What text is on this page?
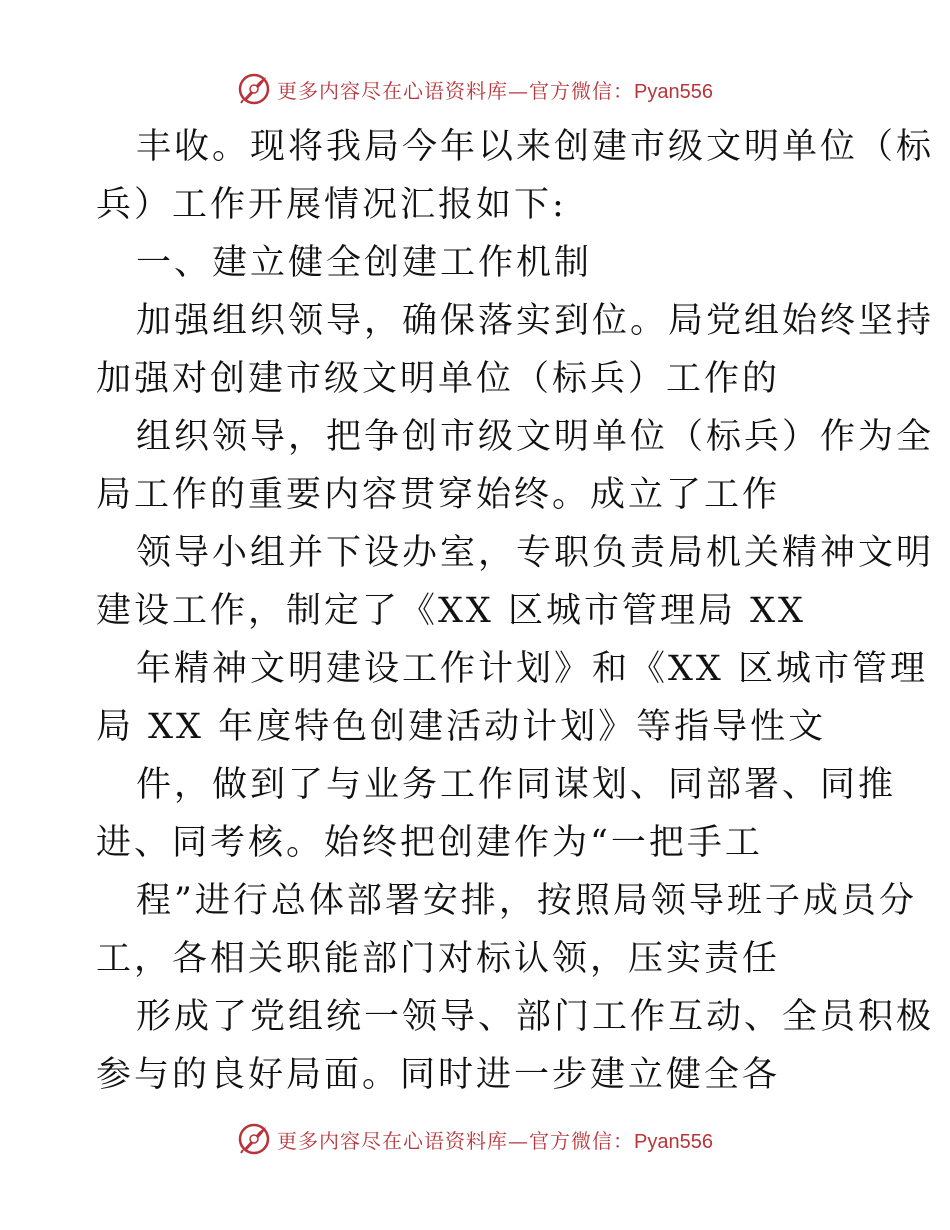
更多内容尽在心语资料库—官方微信：Pyan556
丰收。现将我局今年以来创建市级文明单位（标
兵）工作开展情况汇报如下:
一、建立健全创建工作机制
加强组织领导，确保落实到位。局党组始终坚持
加强对创建市级文明单位（标兵）工作的
组织领导，把争创市级文明单位（标兵）作为全
局工作的重要内容贯穿始终。成立了工作
领导小组并下设办室，专职负责局机关精神文明
建设工作，制定了《XX 区城市管理局 XX
年精神文明建设工作计划》和《XX 区城市管理
局 XX 年度特色创建活动计划》等指导性文
件，做到了与业务工作同谋划、同部署、同推
进、同考核。始终把创建作为“一把手工
程”进行总体部署安排，按照局领导班子成员分
工，各相关职能部门对标认领，压实责任
形成了党组统一领导、部门工作互动、全员积极
参与的良好局面。同时进一步建立健全各
更多内容尽在心语资料库—官方微信：Pyan556
